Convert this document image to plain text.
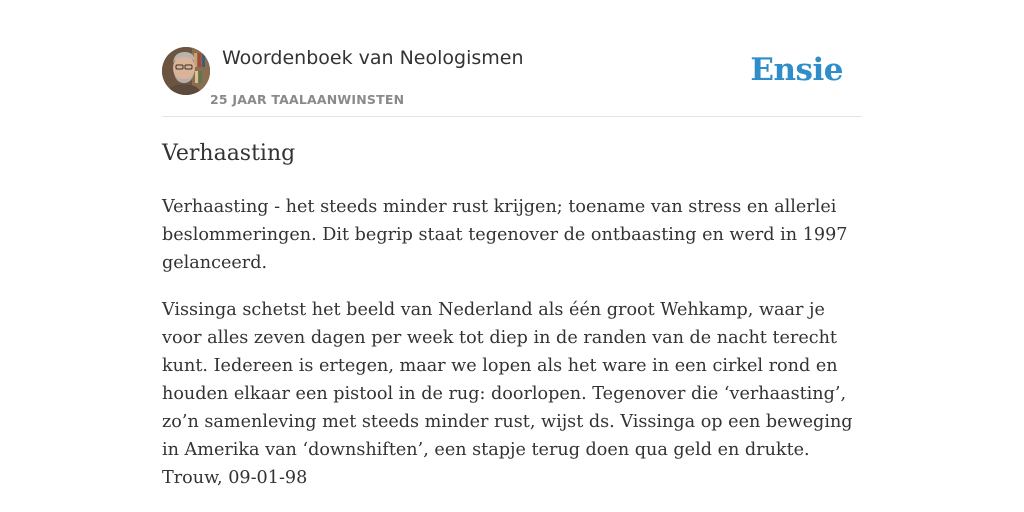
Woordenboek van Neologismen
25 JAAR TAALAANWINSTEN
Ensie
Verhaasting

Verhaasting - het steeds minder rust krijgen; toename van stress en allerlei beslommeringen. Dit begrip staat tegenover de ontbaasting en werd in 1997 gelanceerd.

Vissinga schetst het beeld van Nederland als één groot Wehkamp, waar je voor alles zeven dagen per week tot diep in de randen van de nacht terecht kunt. Iedereen is ertegen, maar we lopen als het ware in een cirkel rond en houden elkaar een pistool in de rug: doorlopen. Tegenover die ‘verhaasting’, zo’n samenleving met steeds minder rust, wijst ds. Vissinga op een beweging in Amerika van ‘downshiften’, een stapje terug doen qua geld en drukte. Trouw, 09-01-98
